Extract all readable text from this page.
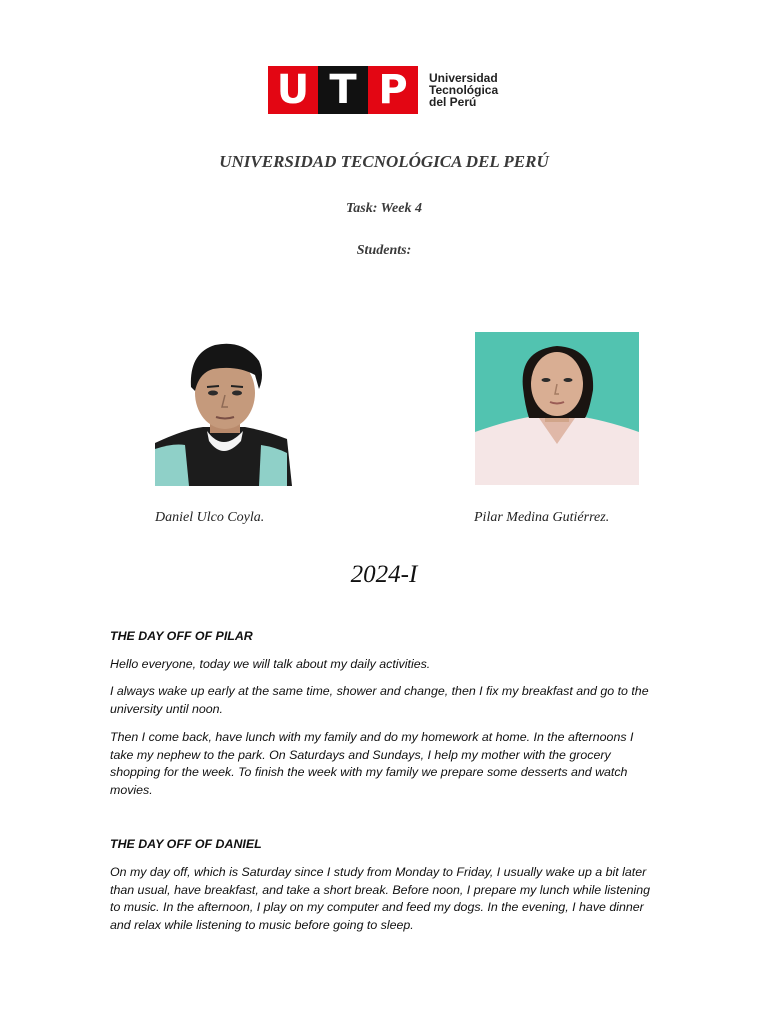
U T P	Universidad
Tecnológica
del Perú
UNIVERSIDAD TECNOLÓGICA DEL PERÚ
Task: Week 4
Students:
Daniel Ulco Coyla.	Pilar Medina Gutiérrez.
2024-I
THE DAY OFF OF PILAR

Hello everyone, today we will talk about my daily activities.

I always wake up early at the same time, shower and change, then I fix my breakfast and go to the university until noon.

Then I come back, have lunch with my family and do my homework at home. In the afternoons I take my nephew to the park. On Saturdays and Sundays, I help my mother with the grocery shopping for the week. To finish the week with my family we prepare some desserts and watch movies.

THE DAY OFF OF DANIEL

On my day off, which is Saturday since I study from Monday to Friday, I usually wake up a bit later than usual, have breakfast, and take a short break. Before noon, I prepare my lunch while listening to music. In the afternoon, I play on my computer and feed my dogs. In the evening, I have dinner and relax while listening to music before going to sleep.
